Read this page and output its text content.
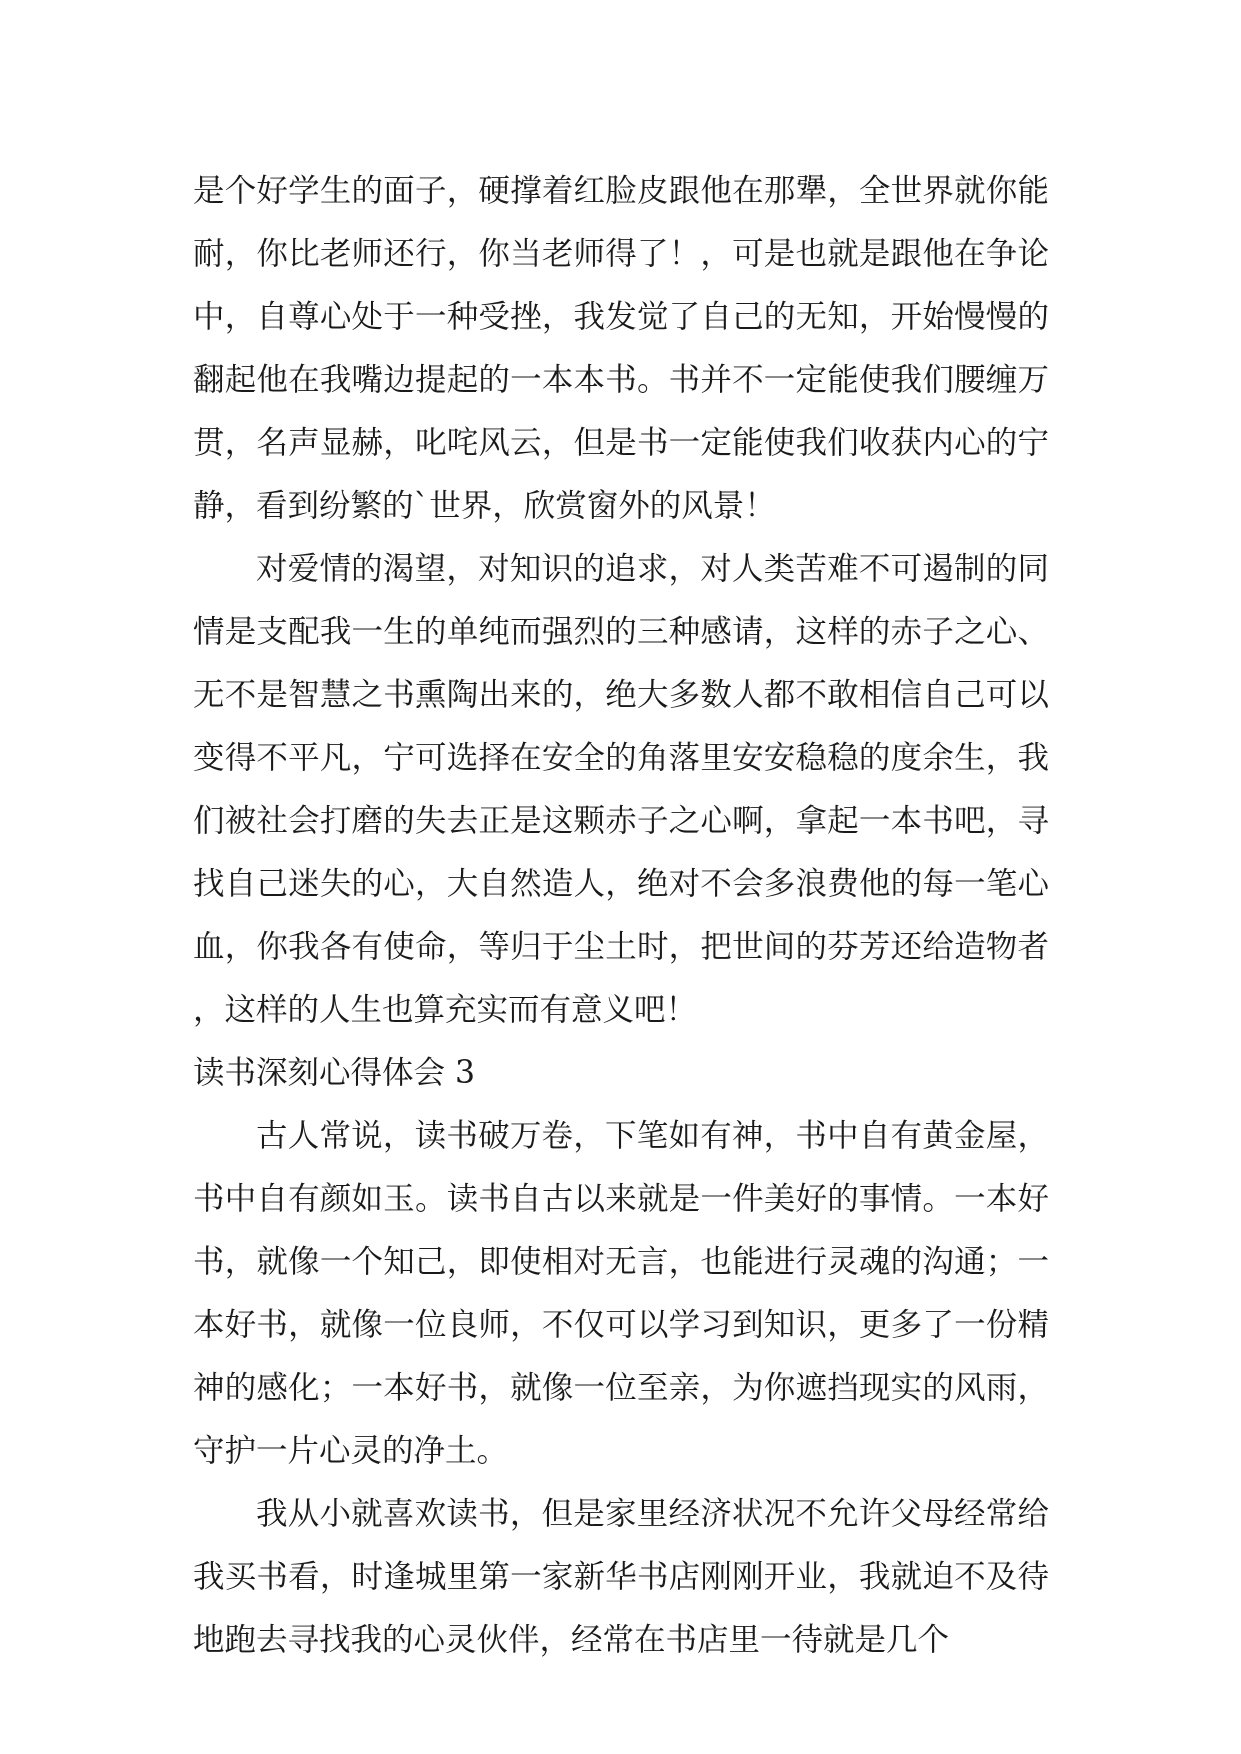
是个好学生的面子，硬撑着红脸皮跟他在那犟，全世界就你能耐，你比老师还行，你当老师得了！，可是也就是跟他在争论中，自尊心处于一种受挫，我发觉了自己的无知，开始慢慢的翻起他在我嘴边提起的一本本书。书并不一定能使我们腰缠万贯，名声显赫，叱咤风云，但是书一定能使我们收获内心的宁静，看到纷繁的`世界，欣赏窗外的风景！

对爱情的渴望，对知识的追求，对人类苦难不可遏制的同情是支配我一生的单纯而强烈的三种感请，这样的赤子之心、无不是智慧之书熏陶出来的，绝大多数人都不敢相信自己可以变得不平凡，宁可选择在安全的角落里安安稳稳的度余生，我们被社会打磨的失去正是这颗赤子之心啊，拿起一本书吧，寻找自己迷失的心，大自然造人，绝对不会多浪费他的每一笔心血，你我各有使命，等归于尘土时，把世间的芬芳还给造物者，这样的人生也算充实而有意义吧！

读书深刻心得体会 3

古人常说，读书破万卷，下笔如有神，书中自有黄金屋，书中自有颜如玉。读书自古以来就是一件美好的事情。一本好书，就像一个知己，即使相对无言，也能进行灵魂的沟通；一本好书，就像一位良师，不仅可以学习到知识，更多了一份精神的感化；一本好书，就像一位至亲，为你遮挡现实的风雨，守护一片心灵的净土。

我从小就喜欢读书，但是家里经济状况不允许父母经常给我买书看，时逢城里第一家新华书店刚刚开业，我就迫不及待地跑去寻找我的心灵伙伴，经常在书店里一待就是几个
